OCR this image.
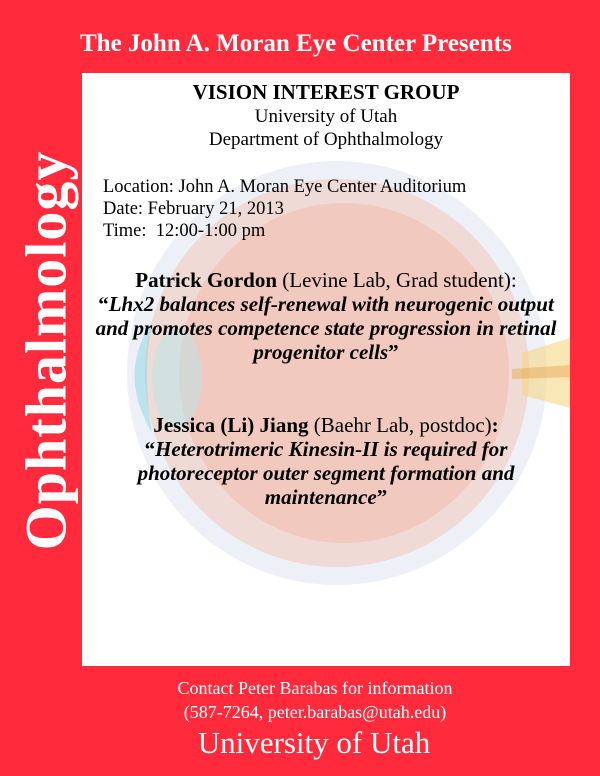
The John A. Moran Eye Center Presents
Ophthalmology
VISION INTEREST GROUP
University of Utah
Department of Ophthalmology
Location: John A. Moran Eye Center Auditorium
Date: February 21, 2013
Time:  12:00-1:00 pm
Patrick Gordon (Levine Lab, Grad student):
“Lhx2 balances self-renewal with neurogenic output and promotes competence state progression in retinal progenitor cells”
Jessica (Li) Jiang (Baehr Lab, postdoc):
“Heterotrimeric Kinesin-II is required for photoreceptor outer segment formation and maintenance”
Contact Peter Barabas for information
(587-7264, peter.barabas@utah.edu)
University of Utah
